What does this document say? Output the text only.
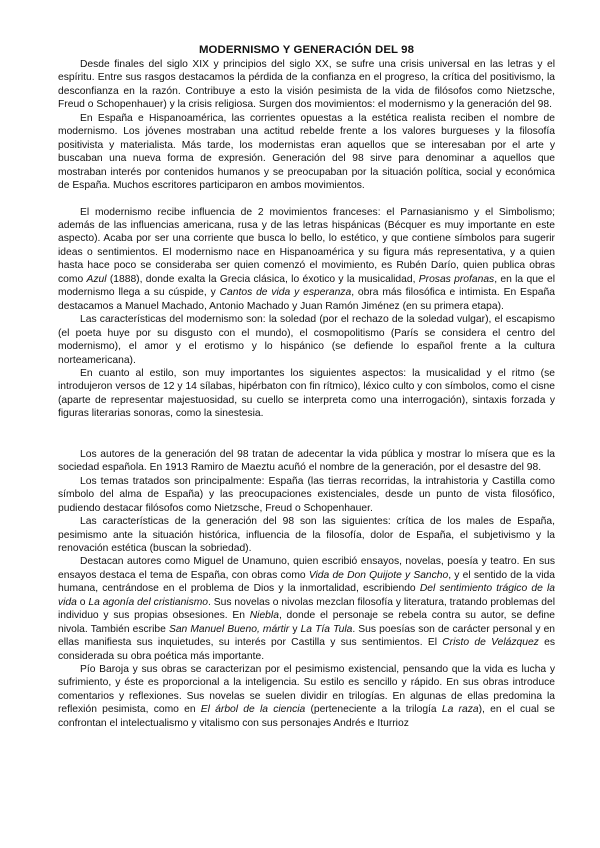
MODERNISMO Y GENERACIÓN DEL 98

Desde finales del siglo XIX y principios del siglo XX, se sufre una crisis universal en las letras y el espíritu. Entre sus rasgos destacamos la pérdida de la confianza en el progreso, la crítica del positivismo, la desconfianza en la razón. Contribuye a esto la visión pesimista de la vida de filósofos como Nietzsche, Freud o Schopenhauer) y la crisis religiosa. Surgen dos movimientos: el modernismo y la generación del 98.

En España e Hispanoamérica, las corrientes opuestas a la estética realista reciben el nombre de modernismo. Los jóvenes mostraban una actitud rebelde frente a los valores burgueses y la filosofía positivista y materialista. Más tarde, los modernistas eran aquellos que se interesaban por el arte y buscaban una nueva forma de expresión. Generación del 98 sirve para denominar a aquellos que mostraban interés por contenidos humanos y se preocupaban por la situación política, social y económica de España. Muchos escritores participaron en ambos movimientos.

El modernismo recibe influencia de 2 movimientos franceses: el Parnasianismo y el Simbolismo; además de las influencias americana, rusa y de las letras hispánicas (Bécquer es muy importante en este aspecto). Acaba por ser una corriente que busca lo bello, lo estético, y que contiene símbolos para sugerir ideas o sentimientos. El modernismo nace en Hispanoamérica y su figura más representativa, y a quien hasta hace poco se consideraba ser quien comenzó el movimiento, es Rubén Darío, quien publica obras como Azul (1888), donde exalta la Grecia clásica, lo éxotico y la musicalidad, Prosas profanas, en la que el modernismo llega a su cúspide, y Cantos de vida y esperanza, obra más filosófica e intimista. En España destacamos a Manuel Machado, Antonio Machado y Juan Ramón Jiménez (en su primera etapa).

Las características del modernismo son: la soledad (por el rechazo de la soledad vulgar), el escapismo (el poeta huye por su disgusto con el mundo), el cosmopolitismo (París se considera el centro del modernismo), el amor y el erotismo y lo hispánico (se defiende lo español frente a la cultura norteamericana).

En cuanto al estilo, son muy importantes los siguientes aspectos: la musicalidad y el ritmo (se introdujeron versos de 12 y 14 sílabas, hipérbaton con fin rítmico), léxico culto y con símbolos, como el cisne (aparte de representar majestuosidad, su cuello se interpreta como una interrogación), sintaxis forzada y figuras literarias sonoras, como la sinestesia.

Los autores de la generación del 98 tratan de adecentar la vida pública y mostrar lo mísera que es la sociedad española. En 1913 Ramiro de Maeztu acuñó el nombre de la generación, por el desastre del 98.

Los temas tratados son principalmente: España (las tierras recorridas, la intrahistoria y Castilla como símbolo del alma de España) y las preocupaciones existenciales, desde un punto de vista filosófico, pudiendo destacar filósofos como Nietzsche, Freud o Schopenhauer.

Las características de la generación del 98 son las siguientes: crítica de los males de España, pesimismo ante la situación histórica, influencia de la filosofía, dolor de España, el subjetivismo y la renovación estética (buscan la sobriedad).

Destacan autores como Miguel de Unamuno, quien escribió ensayos, novelas, poesía y teatro. En sus ensayos destaca el tema de España, con obras como Vida de Don Quijote y Sancho, y el sentido de la vida humana, centrándose en el problema de Dios y la inmortalidad, escribiendo Del sentimiento trágico de la vida o La agonía del cristianismo. Sus novelas o nivolas mezclan filosofía y literatura, tratando problemas del individuo y sus propias obsesiones. En Niebla, donde el personaje se rebela contra su autor, se define nivola. También escribe San Manuel Bueno, mártir y La Tía Tula. Sus poesías son de carácter personal y en ellas manifiesta sus inquietudes, su interés por Castilla y sus sentimientos. El Cristo de Velázquez es considerada su obra poética más importante.

Pío Baroja y sus obras se caracterizan por el pesimismo existencial, pensando que la vida es lucha y sufrimiento, y éste es proporcional a la inteligencia. Su estilo es sencillo y rápido. En sus obras introduce comentarios y reflexiones. Sus novelas se suelen dividir en trilogías. En algunas de ellas predomina la reflexión pesimista, como en El árbol de la ciencia (perteneciente a la trilogía La raza), en el cual se confrontan el intelectualismo y vitalismo con sus personajes Andrés e Iturrioz
